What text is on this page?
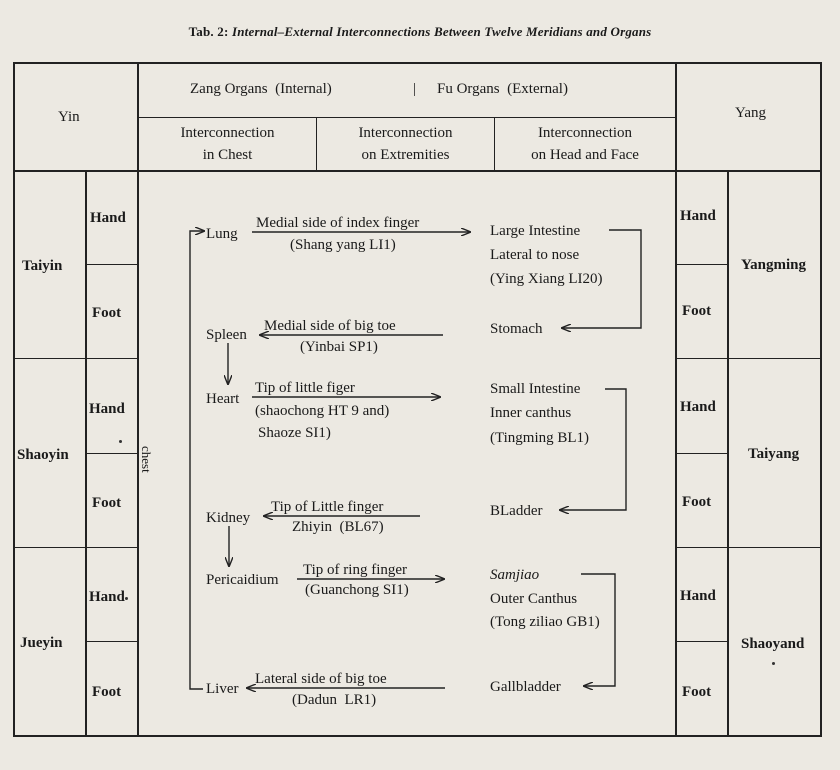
Tab. 2: Internal–External Interconnections Between Twelve Meridians and Organs
Yin	Yang
Zang Organs  (Internal)	| Fu Organs  (External)
Interconnection
in Chest
Interconnection
on Extremities
Interconnection
on Head and Face
Taiyin
Shaoyin
Jueyin
Hand
Foot
Hand
Foot
Hand
Foot
Hand
Foot
Hand
Foot
Hand
Foot
Yangming
Taiyang
Shaoyand
chest
Lung
Spleen
Heart
Kidney
Pericaidium
Liver
Medial side of index finger
(Shang yang LI1)
Medial side of big toe
(Yinbai SP1)
Tip of little figer
(shaochong HT 9 and)
Shaoze SI1)
Tip of Little finger
Zhiyin  (BL67)
Tip of ring finger
(Guanchong SI1)
Lateral side of big toe
(Dadun  LR1)
Large Intestine
Lateral to nose
(Ying Xiang LI20)
Stomach
Small Intestine
Inner canthus
(Tingming BL1)
BLadder
Samjiao
Outer Canthus
(Tong ziliao GB1)
Gallbladder
